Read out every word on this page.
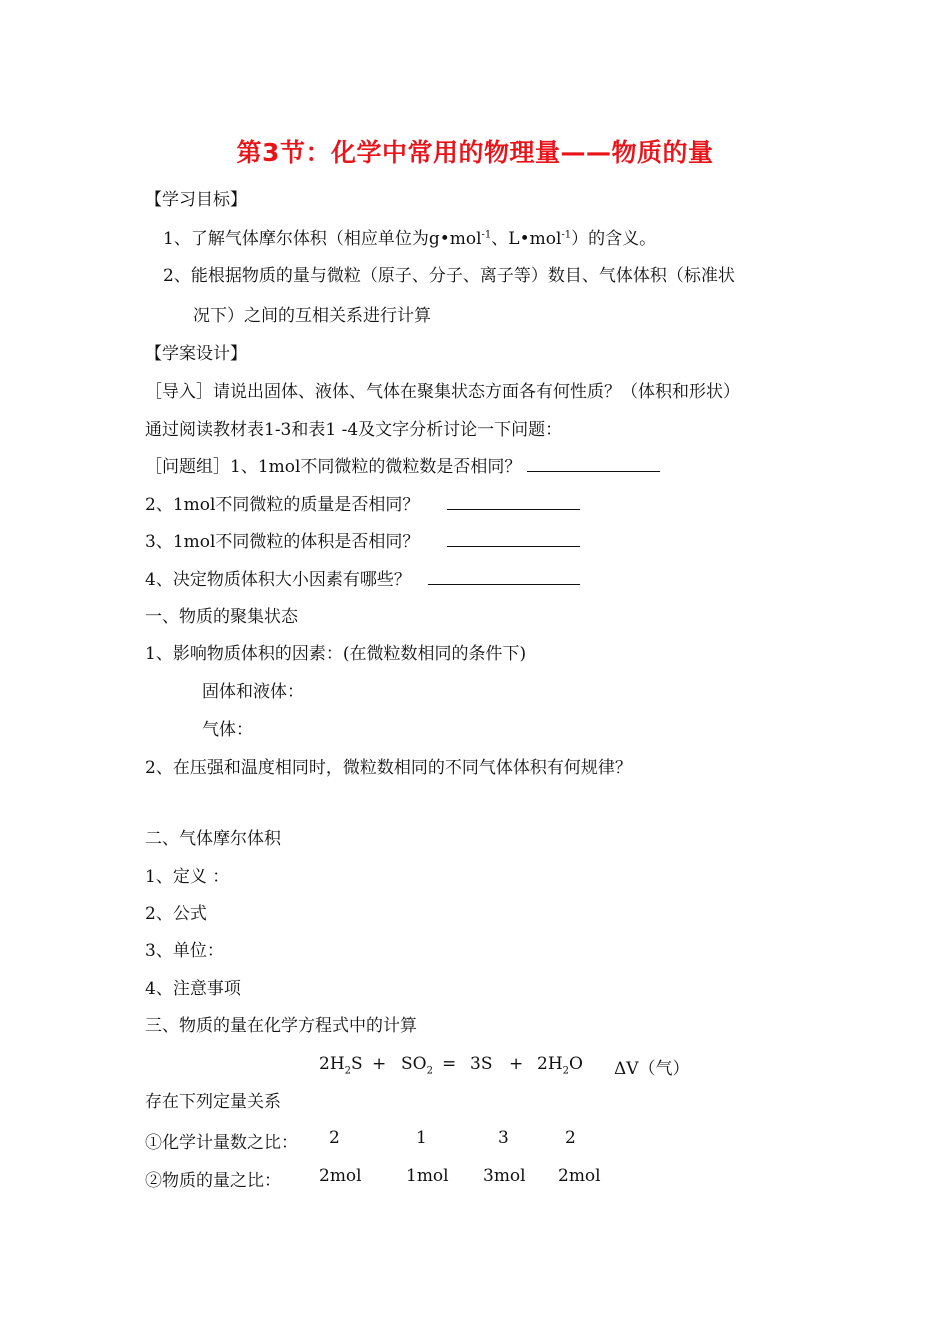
第3节：化学中常用的物理量——物质的量
【学习目标】
1、了解气体摩尔体积（相应单位为g•mol$^{-1}$、L•mol$^{-1}$）的含义。
2、能根据物质的量与微粒（原子、分子、离子等）数目、气体体积（标准状
况下）之间的互相关系进行计算
【学案设计】
［导入］请说出固体、液体、气体在聚集状态方面各有何性质？（体积和形状）
通过阅读教材表1-3和表1 -4及文字分析讨论一下问题：
［问题组］1、1mol不同微粒的微粒数是否相同？
2、1mol不同微粒的质量是否相同？
3、1mol不同微粒的体积是否相同？
4、决定物质体积大小因素有哪些？
一、物质的聚集状态
1、影响物质体积的因素：(在微粒数相同的条件下)
固体和液体：
气体：
2、在压强和温度相同时，微粒数相同的不同气体体积有何规律？
二、气体摩尔体积
1、定义 ：
2、公式
3、单位：
4、注意事项
三、物质的量在化学方程式中的计算
$2H_2S + SO_2 = 3S + 2H_2O$ ΔV（气）
存在下列定量关系
①化学计量数之比： 2	1	3	2
②物质的量之比： 2mol	1mol 3mol 2mol
